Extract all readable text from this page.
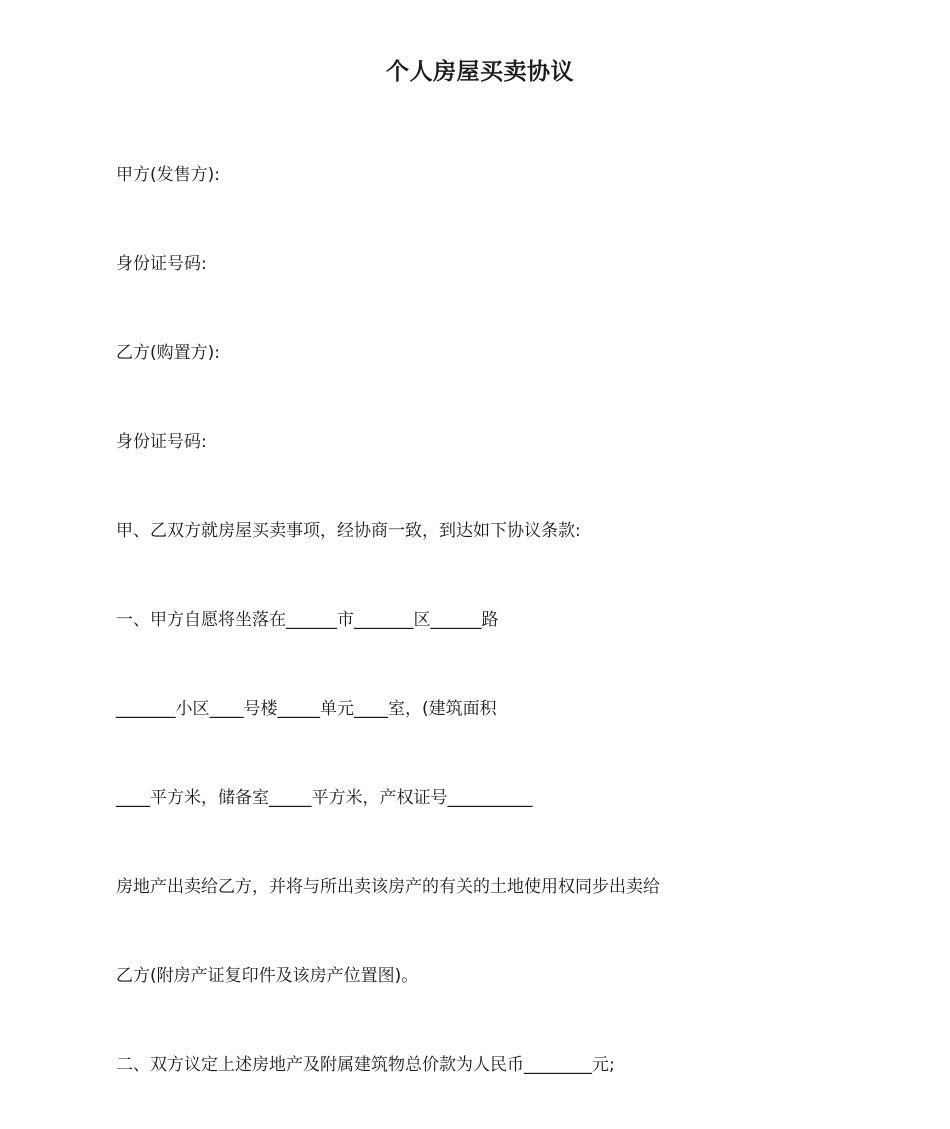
个人房屋买卖协议

甲方(发售方):

身份证号码:

乙方(购置方):

身份证号码:

甲、乙双方就房屋买卖事项，经协商一致，到达如下协议条款:

一、甲方自愿将坐落在______市_______区______路

_______小区____号楼_____单元____室，(建筑面积

____平方米，储备室_____平方米，产权证号__________

房地产出卖给乙方，并将与所出卖该房产的有关的土地使用权同步出卖给

乙方(附房产证复印件及该房产位置图)。

二、双方议定上述房地产及附属建筑物总价款为人民币________元;
